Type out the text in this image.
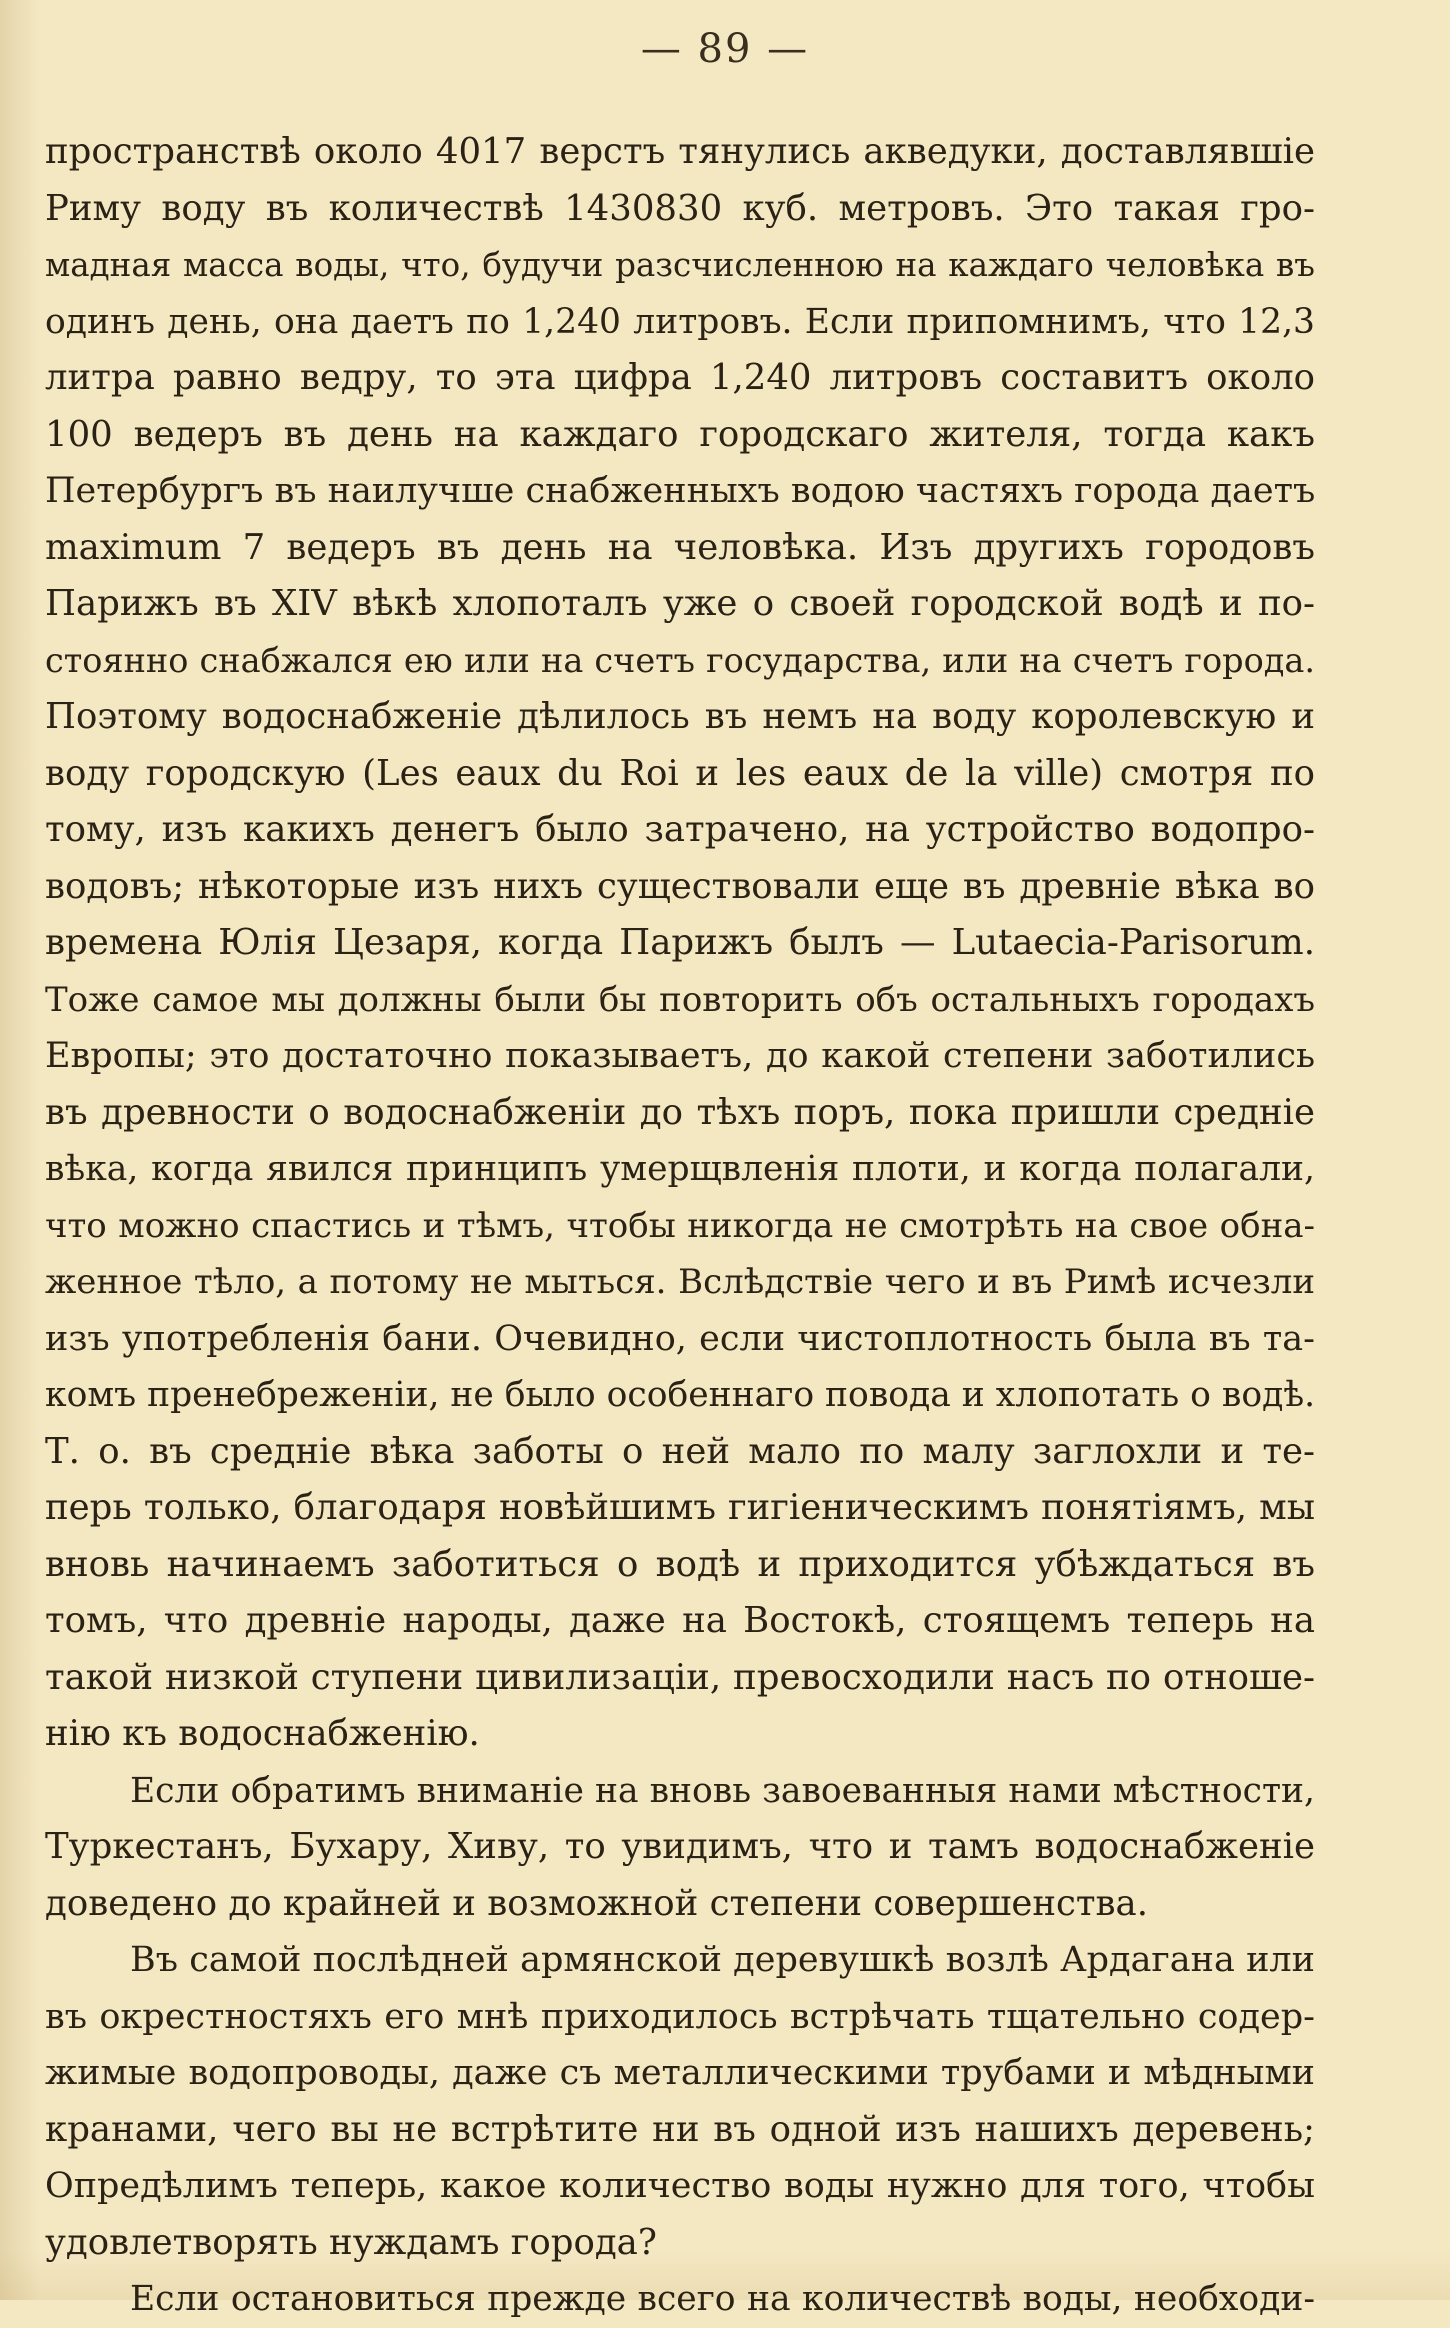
— 89 —
пространствѣ около 4017 верстъ тянулись акведуки, доставлявшіе
Риму воду въ количествѣ 1430830 куб. метровъ. Это такая гро-
мадная масса воды, что, будучи разсчисленною на каждаго человѣка въ
одинъ день, она даетъ по 1,240 литровъ. Если припомнимъ, что 12,3
литра равно ведру, то эта цифра 1,240 литровъ составитъ около
100 ведеръ въ день на каждаго городскаго жителя, тогда какъ
Петербургъ въ наилучше снабженныхъ водою частяхъ города даетъ
maximum 7 ведеръ въ день на человѣка. Изъ другихъ городовъ
Парижъ въ XIV вѣкѣ хлопоталъ уже о своей городской водѣ и по-
стоянно снабжался ею или на счетъ государства, или на счетъ города.
Поэтому водоснабженіе дѣлилось въ немъ на воду королевскую и
воду городскую (Les eaux du Roi и les eaux de la ville) смотря по
тому, изъ какихъ денегъ было затрачено, на устройство водопро-
водовъ; нѣкоторые изъ нихъ существовали еще въ древніе вѣка во
времена Юлія Цезаря, когда Парижъ былъ — Lutaecia-Parisorum.
Тоже самое мы должны были бы повторить объ остальныхъ городахъ
Европы; это достаточно показываетъ, до какой степени заботились
въ древности о водоснабженіи до тѣхъ поръ, пока пришли средніе
вѣка, когда явился принципъ умерщвленія плоти, и когда полагали,
что можно спастись и тѣмъ, чтобы никогда не смотрѣть на свое обна-
женное тѣло, а потому не мыться. Вслѣдствіе чего и въ Римѣ исчезли
изъ употребленія бани. Очевидно, если чистоплотность была въ та-
комъ пренебреженіи, не было особеннаго повода и хлопотать о водѣ.
Т. о. въ средніе вѣка заботы о ней мало по малу заглохли и те-
перь только, благодаря новѣйшимъ гигіеническимъ понятіямъ, мы
вновь начинаемъ заботиться о водѣ и приходится убѣждаться въ
томъ, что древніе народы, даже на Востокѣ, стоящемъ теперь на
такой низкой ступени цивилизаціи, превосходили насъ по отноше-
нію къ водоснабженію.
Если обратимъ вниманіе на вновь завоеванныя нами мѣстности,
Туркестанъ, Бухару, Хиву, то увидимъ, что и тамъ водоснабженіе
доведено до крайней и возможной степени совершенства.
Въ самой послѣдней армянской деревушкѣ возлѣ Ардагана или
въ окрестностяхъ его мнѣ приходилось встрѣчать тщательно содер-
жимые водопроводы, даже съ металлическими трубами и мѣдными
кранами, чего вы не встрѣтите ни въ одной изъ нашихъ деревень;
Опредѣлимъ теперь, какое количество воды нужно для того, чтобы
удовлетворять нуждамъ города?
Если остановиться прежде всего на количествѣ воды, необходи-
